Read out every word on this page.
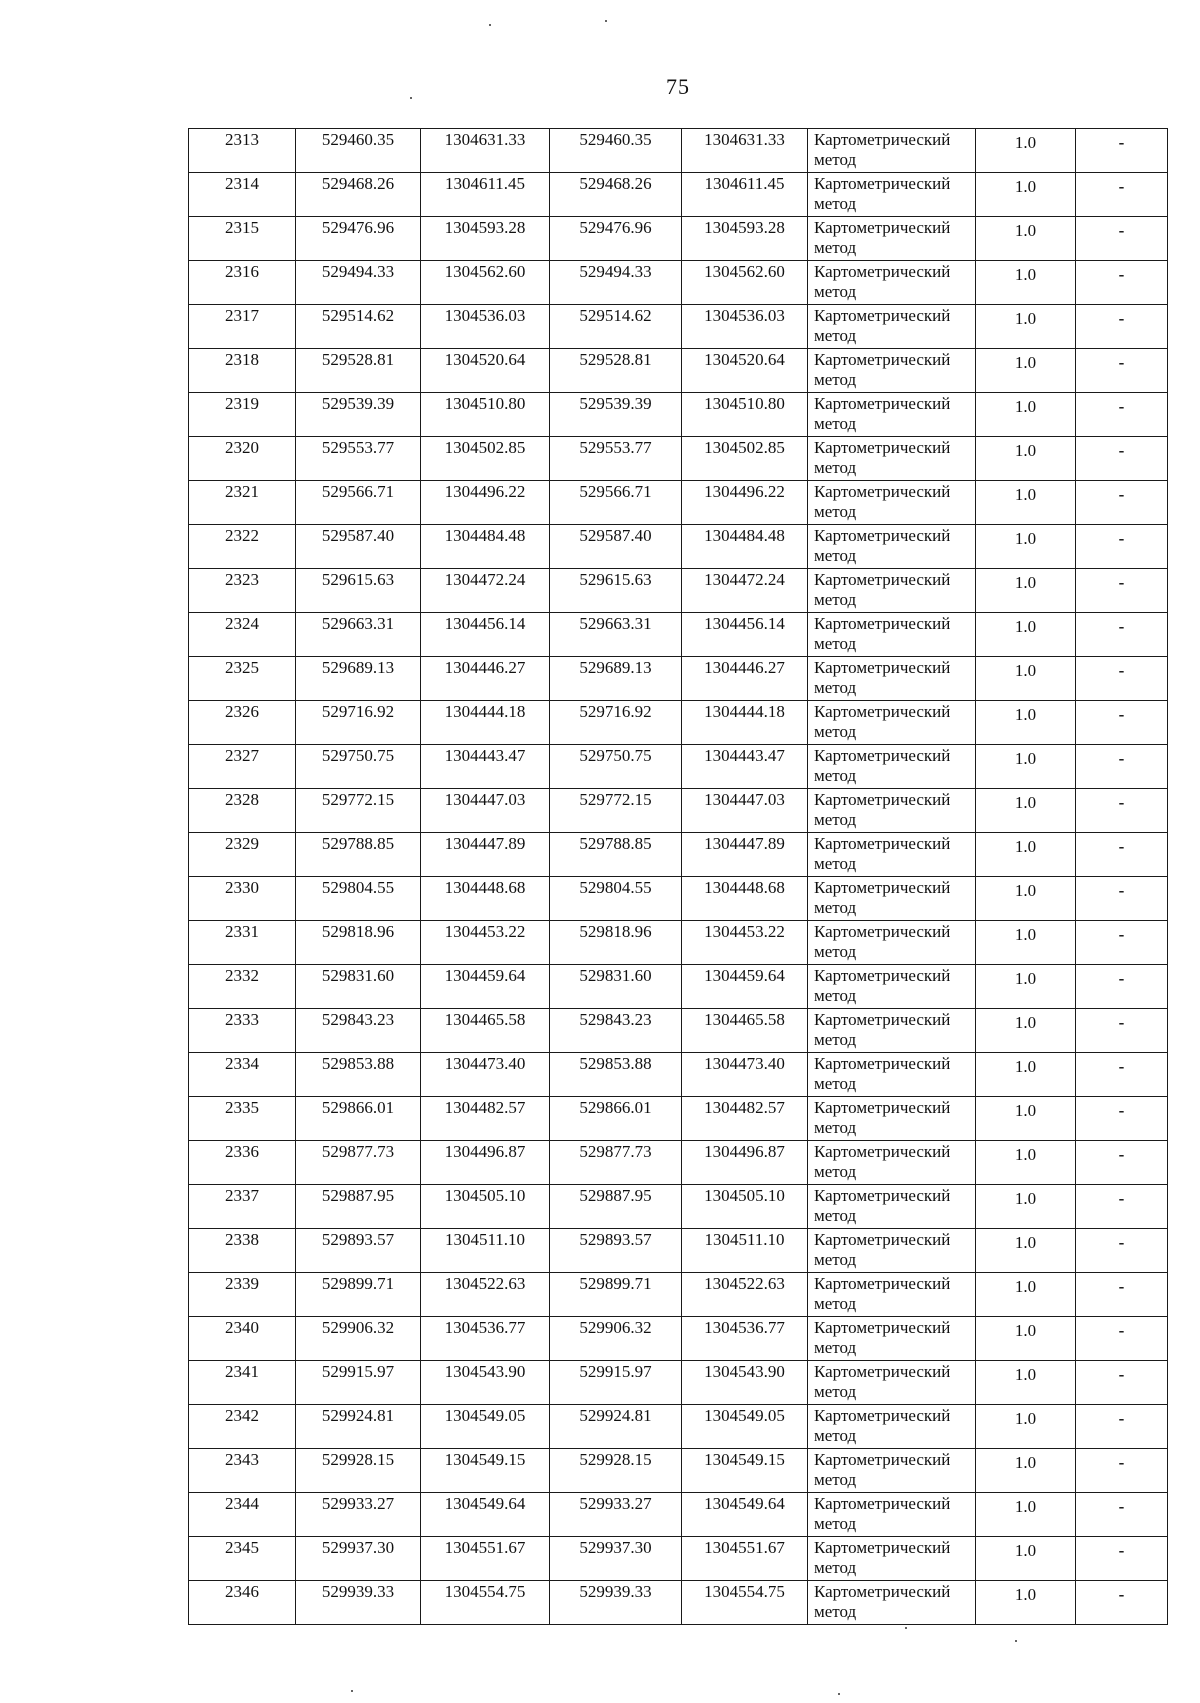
75
2313	529460.35	1304631.33	529460.35	1304631.33	Картометрический
метод	1.0	-
2314	529468.26	1304611.45	529468.26	1304611.45	Картометрический
метод	1.0	-
2315	529476.96	1304593.28	529476.96	1304593.28	Картометрический
метод	1.0	-
2316	529494.33	1304562.60	529494.33	1304562.60	Картометрический
метод	1.0	-
2317	529514.62	1304536.03	529514.62	1304536.03	Картометрический
метод	1.0	-
2318	529528.81	1304520.64	529528.81	1304520.64	Картометрический
метод	1.0	-
2319	529539.39	1304510.80	529539.39	1304510.80	Картометрический
метод	1.0	-
2320	529553.77	1304502.85	529553.77	1304502.85	Картометрический
метод	1.0	-
2321	529566.71	1304496.22	529566.71	1304496.22	Картометрический
метод	1.0	-
2322	529587.40	1304484.48	529587.40	1304484.48	Картометрический
метод	1.0	-
2323	529615.63	1304472.24	529615.63	1304472.24	Картометрический
метод	1.0	-
2324	529663.31	1304456.14	529663.31	1304456.14	Картометрический
метод	1.0	-
2325	529689.13	1304446.27	529689.13	1304446.27	Картометрический
метод	1.0	-
2326	529716.92	1304444.18	529716.92	1304444.18	Картометрический
метод	1.0	-
2327	529750.75	1304443.47	529750.75	1304443.47	Картометрический
метод	1.0	-
2328	529772.15	1304447.03	529772.15	1304447.03	Картометрический
метод	1.0	-
2329	529788.85	1304447.89	529788.85	1304447.89	Картометрический
метод	1.0	-
2330	529804.55	1304448.68	529804.55	1304448.68	Картометрический
метод	1.0	-
2331	529818.96	1304453.22	529818.96	1304453.22	Картометрический
метод	1.0	-
2332	529831.60	1304459.64	529831.60	1304459.64	Картометрический
метод	1.0	-
2333	529843.23	1304465.58	529843.23	1304465.58	Картометрический
метод	1.0	-
2334	529853.88	1304473.40	529853.88	1304473.40	Картометрический
метод	1.0	-
2335	529866.01	1304482.57	529866.01	1304482.57	Картометрический
метод	1.0	-
2336	529877.73	1304496.87	529877.73	1304496.87	Картометрический
метод	1.0	-
2337	529887.95	1304505.10	529887.95	1304505.10	Картометрический
метод	1.0	-
2338	529893.57	1304511.10	529893.57	1304511.10	Картометрический
метод	1.0	-
2339	529899.71	1304522.63	529899.71	1304522.63	Картометрический
метод	1.0	-
2340	529906.32	1304536.77	529906.32	1304536.77	Картометрический
метод	1.0	-
2341	529915.97	1304543.90	529915.97	1304543.90	Картометрический
метод	1.0	-
2342	529924.81	1304549.05	529924.81	1304549.05	Картометрический
метод	1.0	-
2343	529928.15	1304549.15	529928.15	1304549.15	Картометрический
метод	1.0	-
2344	529933.27	1304549.64	529933.27	1304549.64	Картометрический
метод	1.0	-
2345	529937.30	1304551.67	529937.30	1304551.67	Картометрический
метод	1.0	-
2346	529939.33	1304554.75	529939.33	1304554.75	Картометрический
метод	1.0	-
